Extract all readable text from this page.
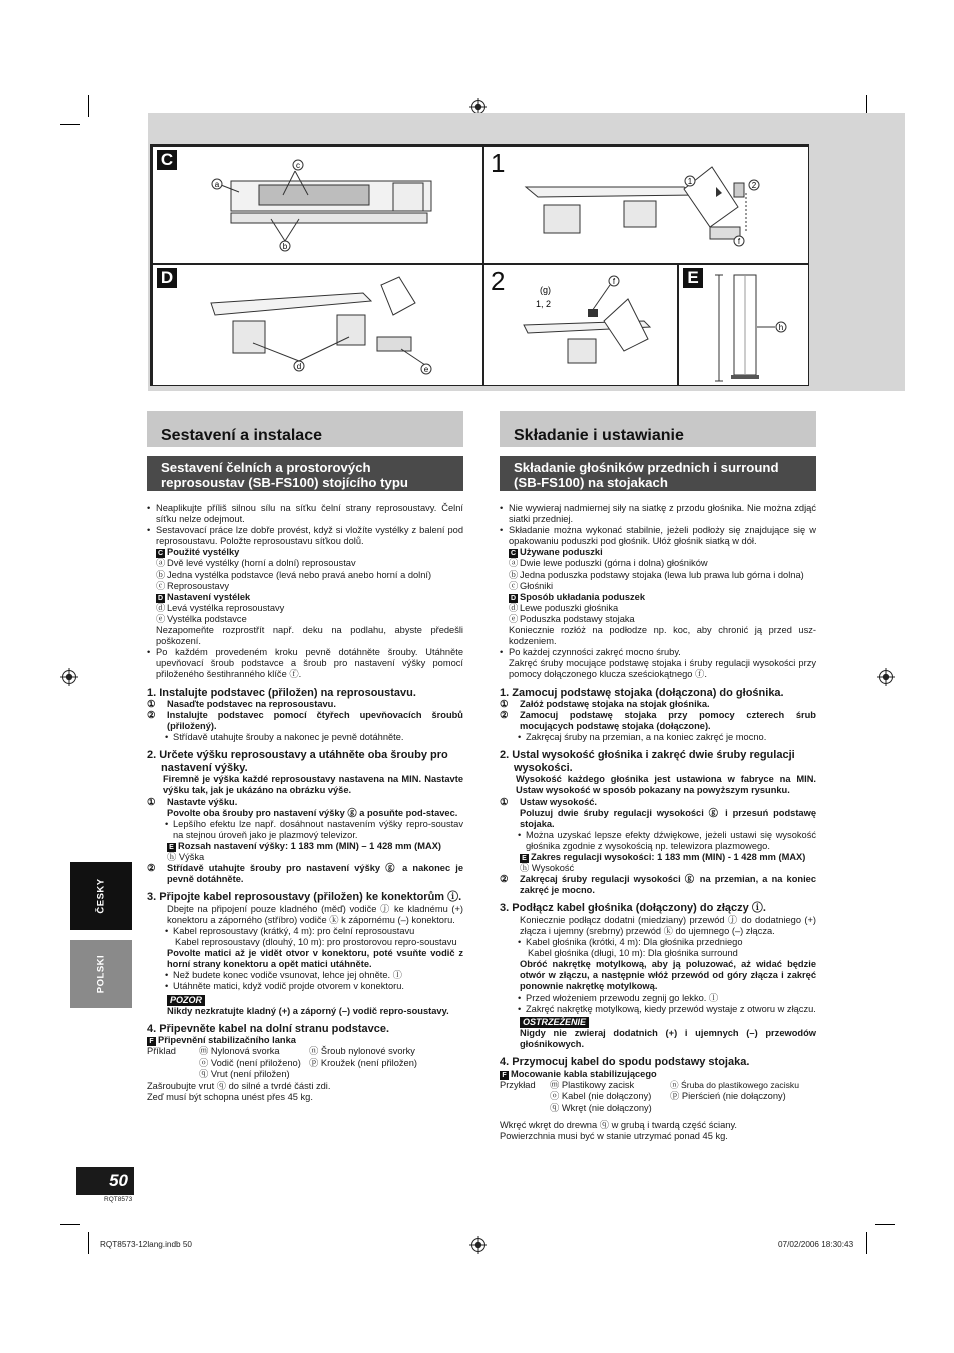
C	c
a
b
1
1	2
f
D
d	e
2	(g)
1, 2
f	E
h
Sestavení a instalace
Sestavení čelních a prostorových reprosoustav (SB-FS100) stojícího typu
• Neaplikujte příliš silnou sílu na síťku čelní strany reprosoustavy. Čelní síťku nelze odejmout.
• Sestavovací práce lze dobře provést, když si vložíte vystélky z balení pod reprosoustavu. Položte reprosoustavu síťkou dolů.
C Použité vystélky
ⓐ Dvě levé vystélky (horní a dolní) reprosoustav
ⓑ Jedna vystélka podstavce (levá nebo pravá anebo horní a dolní)
ⓒ Reprosoustavy
D Nastavení vystélek
ⓓ Levá vystélka reprosoustavy
ⓔ Vystélka podstavce
Nezapomeňte rozprostřít např. deku na podlahu, abyste předešli poškození.
• Po každém provedeném kroku pevně dotáhněte šrouby. Utáhněte upevňovací šroub podstavce a šroub pro nastavení výšky pomocí přiloženého šestihranného klíče ⓕ.
1. Instalujte podstavec (přiložen) na reprosoustavu.
① Nasaďte podstavec na reprosoustavu.
② Instalujte podstavec pomocí čtyřech upevňovacích šroubů (přiložený).
• Střídavě utahujte šrouby a nakonec je pevně dotáhněte.
2. Určete výšku reprosoustavy a utáhněte oba šrouby pro nastavení výšky.
Firemně je výška každé reprosoustavy nastavena na MIN. Nastavte výšku tak, jak je ukázáno na obrázku výše.
① Nastavte výšku.
Povolte oba šrouby pro nastavení výšky ⓖ a posuňte pod-stavec.
• Lepšího efektu lze např. dosáhnout nastavením výšky repro-soustav na stejnou úroveň jako je plazmový televizor.
E Rozsah nastavení výšky: 1 183 mm (MIN) – 1 428 mm (MAX)
ⓗ Výška
② Střídavě utahujte šrouby pro nastavení výšky ⓖ a nakonec je pevně dotáhněte.
3. Připojte kabel reprosoustavy (přiložen) ke konektorům ⓘ.
Dbejte na připojení pouze kladného (měď) vodiče ⓙ ke kladnému (+) konektoru a záporného (stříbro) vodiče ⓚ k zápornému (–) konektoru.
• Kabel reprosoustavy (krátký, 4 m): pro čelní reprosoustavu
Kabel reprosoustavy (dlouhý, 10 m): pro prostorovou repro-soustavu
Povolte matici až je vidět otvor v konektoru, poté vsuňte vodič z horní strany konektoru a opět matici utáhněte.
• Než budete konec vodiče vsunovat, lehce jej ohněte. ⓛ
• Utáhněte matici, když vodič projde otvorem v konektoru.
POZOR
Nikdy nezkratujte kladný (+) a záporný (–) vodič repro-soustavy.
4. Připevněte kabel na dolní stranu podstavce.
F Připevnění stabilizačního lanka
Příklad	ⓜ Nylonová svorka	ⓝ Šroub nylonové svorky
ⓞ Vodič (není přiloženo) ⓟ Kroužek (není přiložen)
ⓠ Vrut (není přiložen)
Zašroubujte vrut ⓠ do silné a tvrdé části zdi.
Zeď musí být schopna unést přes 45 kg.
Składanie i ustawianie
Składanie głośników przednich i surround (SB-FS100) na stojakach
• Nie wywieraj nadmiernej siły na siatkę z przodu głośnika. Nie można zdjąć siatki przedniej.
• Składanie można wykonać stabilnie, jeżeli podłoży się znajdujące się w opakowaniu poduszki pod głośnik. Ułóż głośnik siatką w dół.
C Używane poduszki
ⓐ Dwie lewe poduszki (górna i dolna) głośników
ⓑ Jedna poduszka podstawy stojaka (lewa lub prawa lub górna i dolna)
ⓒ Głośniki
D Sposób układania poduszek
ⓓ Lewe poduszki głośnika
ⓔ Poduszka podstawy stojaka
Koniecznie rozłóż na podłodze np. koc, aby chronić ją przed usz-kodzeniem.
• Po każdej czynności zakręć mocno śruby.
Zakręć śruby mocujące podstawę stojaka i śruby regulacji wysokości przy pomocy dołączonego klucza sześciokątnego ⓕ.
1. Zamocuj podstawę stojaka (dołączona) do głośnika.
① Załóż podstawę stojaka na stojak głośnika.
② Zamocuj podstawę stojaka przy pomocy czterech śrub mocujących podstawę stojaka (dołączone).
• Zakręcaj śruby na przemian, a na koniec zakręć je mocno.
2. Ustal wysokość głośnika i zakręć dwie śruby regulacji wysokości.
Wysokość każdego głośnika jest ustawiona w fabryce na MIN. Ustaw wysokość w sposób pokazany na powyższym rysunku.
① Ustaw wysokość.
Poluzuj dwie śruby regulacji wysokości ⓖ i przesuń podstawę stojaka.
• Można uzyskać lepsze efekty dźwiękowe, jeżeli ustawi się wysokość głośnika zgodnie z wysokością np. telewizora plazmowego.
E Zakres regulacji wysokości: 1 183 mm (MIN) - 1 428 mm (MAX)
ⓗ Wysokość
② Zakręcaj śruby regulacji wysokości ⓖ na przemian, a na koniec zakręć je mocno.
3. Podłącz kabel głośnika (dołączony) do złączy ⓘ.
Koniecznie podłącz dodatni (miedziany) przewód ⓙ do dodatniego (+) złącza i ujemny (srebrny) przewód ⓚ do ujemnego (–) złącza.
• Kabel głośnika (krótki, 4 m): Dla głośnika przedniego
Kabel głośnika (długi, 10 m): Dla głośnika surround
Obróć nakrętkę motylkową, aby ją poluzować, aż widać będzie otwór w złączu, a następnie włóż przewód od góry złącza i zakręć ponownie nakrętkę motylkową.
• Przed włożeniem przewodu zegnij go lekko. ⓛ
• Zakręć nakrętkę motylkową, kiedy przewód wystaje z otworu w złączu.
OSTRZEŻENIE
Nigdy nie zwieraj dodatnich (+) i ujemnych (–) przewodów głośnikowych.
4. Przymocuj kabel do spodu podstawy stojaka.
F Mocowanie kabla stabilizującego
Przykład	ⓜ Plastikowy zacisk	ⓝ Śruba do plastikowego zacisku
ⓞ Kabel (nie dołączony)	ⓟ Pierścień (nie dołączony)
ⓠ Wkręt (nie dołączony)
Wkręć wkręt do drewna ⓠ w grubą i twardą część ściany.
Powierzchnia musi być w stanie utrzymać ponad 45 kg.
ČESKY
POLSKI
50
RQT8573
RQT8573-12lang.indb 50	07/02/2006 18:30:43
